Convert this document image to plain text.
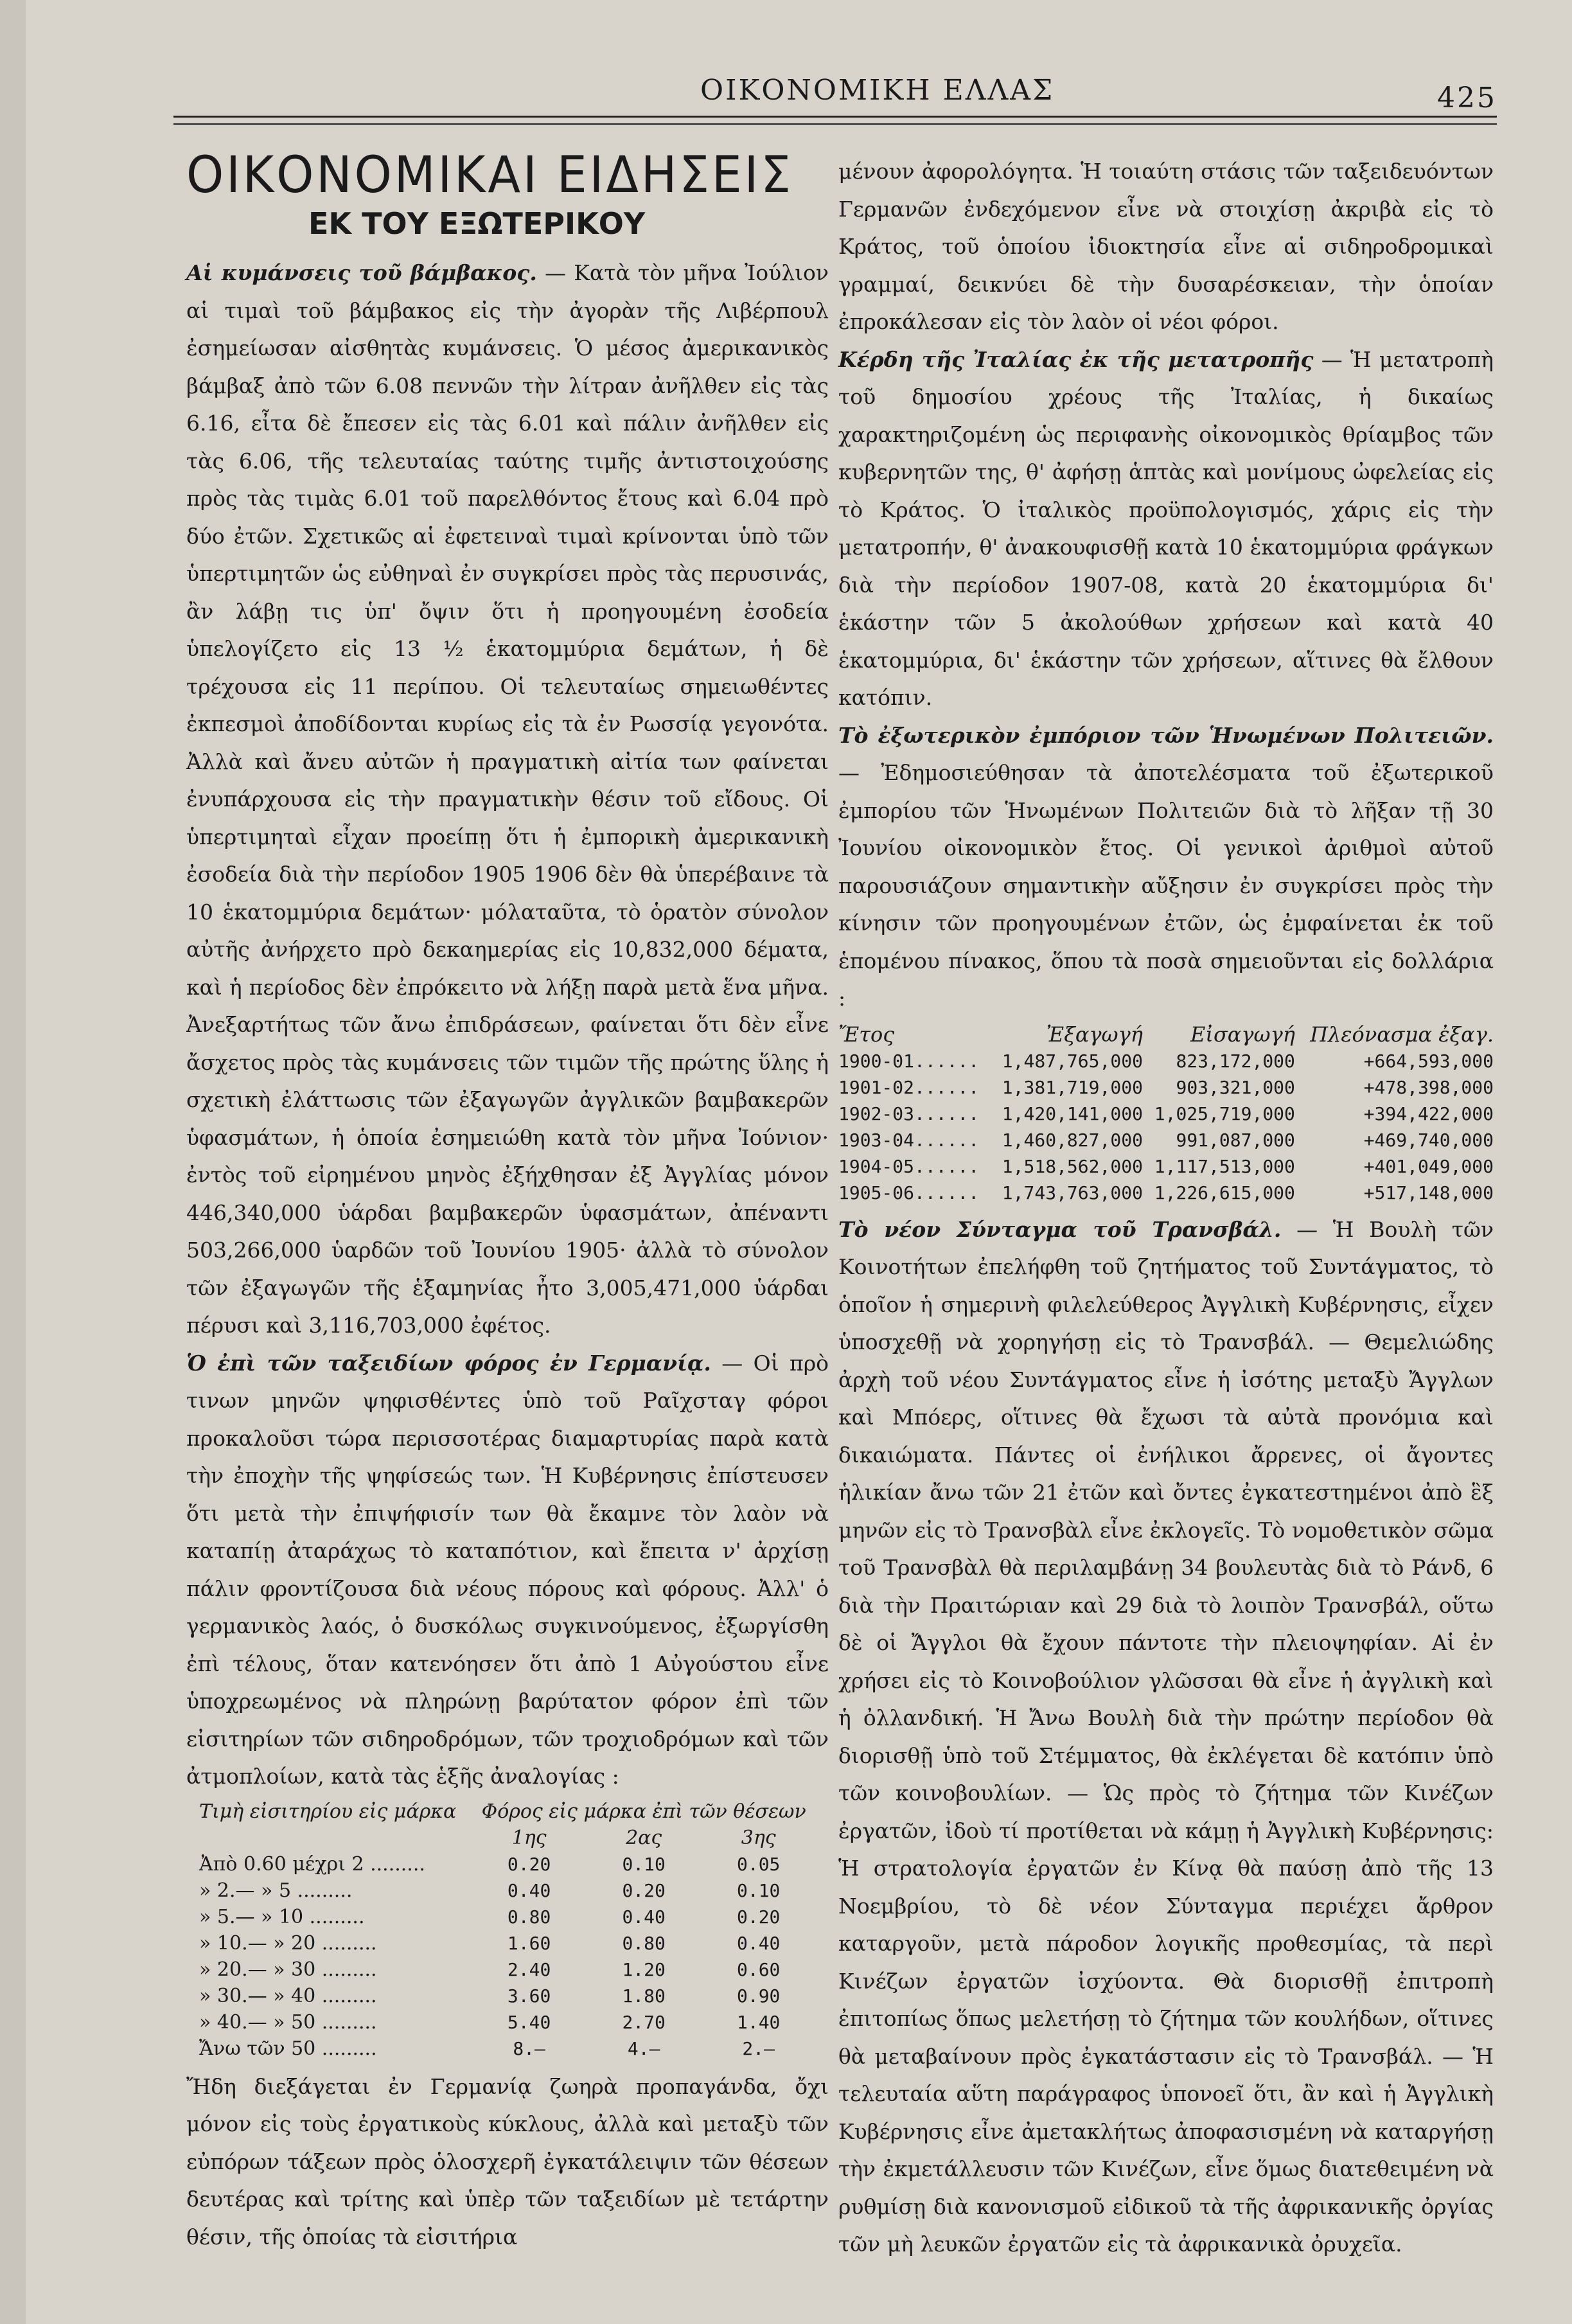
ΟΙΚΟΝΟΜΙΚΗ ΕΛΛΑΣ	425
ΟΙΚΟΝΟΜΙΚΑΙ ΕΙΔΗΣΕΙΣ
ΕΚ ΤΟΥ ΕΞΩΤΕΡΙΚΟΥ

Αἱ κυμάνσεις τοῦ βάμβακος. — Κατὰ τὸν μῆνα Ἰούλιον αἱ τιμαὶ τοῦ βάμβακος εἰς τὴν ἀγορὰν τῆς Λιβέρπουλ ἐσημείωσαν αἰσθητὰς κυμάνσεις. Ὁ μέσος ἀμερικανικὸς βάμβαξ ἀπὸ τῶν 6.08 πεννῶν τὴν λίτραν ἀνῆλθεν εἰς τὰς 6.16, εἶτα δὲ ἔπεσεν εἰς τὰς 6.01 καὶ πάλιν ἀνῆλθεν εἰς τὰς 6.06, τῆς τελευταίας ταύτης τιμῆς ἀντιστοιχούσης πρὸς τὰς τιμὰς 6.01 τοῦ παρελθόντος ἔτους καὶ 6.04 πρὸ δύο ἐτῶν. Σχετικῶς αἱ ἐφετειναὶ τιμαὶ κρίνονται ὑπὸ τῶν ὑπερτιμητῶν ὡς εὐθηναὶ ἐν συγκρίσει πρὸς τὰς περυσινάς, ἂν λάβῃ τις ὑπ' ὄψιν ὅτι ἡ προηγουμένη ἐσοδεία ὑπελογίζετο εἰς 13 ½ ἑκατομμύρια δεμάτων, ἡ δὲ τρέχουσα εἰς 11 περίπου. Οἱ τελευταίως σημειωθέντες ἐκπεσμοὶ ἀποδίδονται κυρίως εἰς τὰ ἐν Ρωσσίᾳ γεγονότα. Ἀλλὰ καὶ ἄνευ αὐτῶν ἡ πραγματικὴ αἰτία των φαίνεται ἐνυπάρχουσα εἰς τὴν πραγματικὴν θέσιν τοῦ εἴδους. Οἱ ὑπερτιμηταὶ εἶχαν προείπῃ ὅτι ἡ ἐμπορικὴ ἀμερικανικὴ ἐσοδεία διὰ τὴν περίοδον 1905 1906 δὲν θὰ ὑπερέβαινε τὰ 10 ἑκατομμύρια δεμάτων· μόλαταῦτα, τὸ ὁρατὸν σύνολον αὐτῆς ἀνήρχετο πρὸ δεκαημερίας εἰς 10,832,000 δέματα, καὶ ἡ περίοδος δὲν ἐπρόκειτο νὰ λήξῃ παρὰ μετὰ ἕνα μῆνα. Ἀνεξαρτήτως τῶν ἄνω ἐπιδράσεων, φαίνεται ὅτι δὲν εἶνε ἄσχετος πρὸς τὰς κυμάνσεις τῶν τιμῶν τῆς πρώτης ὕλης ἡ σχετικὴ ἐλάττωσις τῶν ἐξαγωγῶν ἀγγλικῶν βαμβακερῶν ὑφασμάτων, ἡ ὁποία ἐσημειώθη κατὰ τὸν μῆνα Ἰούνιον· ἐντὸς τοῦ εἰρημένου μηνὸς ἐξήχθησαν ἐξ Ἀγγλίας μόνον 446,340,000 ὑάρδαι βαμβακερῶν ὑφασμάτων, ἀπέναντι 503,266,000 ὑαρδῶν τοῦ Ἰουνίου 1905· ἀλλὰ τὸ σύνολον τῶν ἐξαγωγῶν τῆς ἑξαμηνίας ἦτο 3,005,471,000 ὑάρδαι πέρυσι καὶ 3,116,703,000 ἐφέτος.

Ὁ ἐπὶ τῶν ταξειδίων φόρος ἐν Γερμανίᾳ. — Οἱ πρὸ τινων μηνῶν ψηφισθέντες ὑπὸ τοῦ Ραῖχσταγ φόροι προκαλοῦσι τώρα περισσοτέρας διαμαρτυρίας παρὰ κατὰ τὴν ἐποχὴν τῆς ψηφίσεώς των. Ἡ Κυβέρνησις ἐπίστευσεν ὅτι μετὰ τὴν ἐπιψήφισίν των θὰ ἔκαμνε τὸν λαὸν νὰ καταπίῃ ἀταράχως τὸ καταπότιον, καὶ ἔπειτα ν' ἀρχίσῃ πάλιν φροντίζουσα διὰ νέους πόρους καὶ φόρους. Ἀλλ' ὁ γερμανικὸς λαός, ὁ δυσκόλως συγκινούμενος, ἐξωργίσθη ἐπὶ τέλους, ὅταν κατενόησεν ὅτι ἀπὸ 1 Αὐγούστου εἶνε ὑποχρεωμένος νὰ πληρώνῃ βαρύτατον φόρον ἐπὶ τῶν εἰσιτηρίων τῶν σιδηροδρόμων, τῶν τροχιοδρόμων καὶ τῶν ἀτμοπλοίων, κατὰ τὰς ἑξῆς ἀναλογίας :

Τιμὴ εἰσιτηρίου εἰς μάρκα	Φόρος εἰς μάρκα ἐπὶ τῶν θέσεων		
	1ης	2ας	3ης
Ἀπὸ 0.60 μέχρι 2 .........	0.20	0.10	0.05
» 2.— » 5 .........	0.40	0.20	0.10
» 5.— » 10 .........	0.80	0.40	0.20
» 10.— » 20 .........	1.60	0.80	0.40
» 20.— » 30 .........	2.40	1.20	0.60
» 30.— » 40 .........	3.60	1.80	0.90
» 40.— » 50 .........	5.40	2.70	1.40
Ἄνω τῶν 50 .........	8.—	4.—	2.—

Ἤδη διεξάγεται ἐν Γερμανίᾳ ζωηρὰ προπαγάνδα, ὄχι μόνον εἰς τοὺς ἐργατικοὺς κύκλους, ἀλλὰ καὶ μεταξὺ τῶν εὐπόρων τάξεων πρὸς ὁλοσχερῆ ἐγκατάλειψιν τῶν θέσεων δευτέρας καὶ τρίτης καὶ ὑπὲρ τῶν ταξειδίων μὲ τετάρτην θέσιν, τῆς ὁποίας τὰ εἰσιτήρια

μένουν ἀφορολόγητα. Ἡ τοιαύτη στάσις τῶν ταξειδευόντων Γερμανῶν ἐνδεχόμενον εἶνε νὰ στοιχίσῃ ἀκριβὰ εἰς τὸ Κράτος, τοῦ ὁποίου ἰδιοκτησία εἶνε αἱ σιδηροδρομικαὶ γραμμαί, δεικνύει δὲ τὴν δυσαρέσκειαν, τὴν ὁποίαν ἐπροκάλεσαν εἰς τὸν λαὸν οἱ νέοι φόροι.

Κέρδη τῆς Ἰταλίας ἐκ τῆς μετατροπῆς — Ἡ μετατροπὴ τοῦ δημοσίου χρέους τῆς Ἰταλίας, ἡ δικαίως χαρακτηριζομένη ὡς περιφανὴς οἰκονομικὸς θρίαμβος τῶν κυβερνητῶν της, θ' ἀφήσῃ ἁπτὰς καὶ μονίμους ὠφελείας εἰς τὸ Κράτος. Ὁ ἰταλικὸς προϋπολογισμός, χάρις εἰς τὴν μετατροπήν, θ' ἀνακουφισθῇ κατὰ 10 ἑκατομμύρια φράγκων διὰ τὴν περίοδον 1907-08, κατὰ 20 ἑκατομμύρια δι' ἑκάστην τῶν 5 ἀκολούθων χρήσεων καὶ κατὰ 40 ἑκατομμύρια, δι' ἑκάστην τῶν χρήσεων, αἵτινες θὰ ἔλθουν κατόπιν.

Τὸ ἐξωτερικὸν ἐμπόριον τῶν Ἡνωμένων Πολιτειῶν. — Ἐδημοσιεύθησαν τὰ ἀποτελέσματα τοῦ ἐξωτερικοῦ ἐμπορίου τῶν Ἡνωμένων Πολιτειῶν διὰ τὸ λῆξαν τῇ 30 Ἰουνίου οἰκονομικὸν ἔτος. Οἱ γενικοὶ ἀριθμοὶ αὐτοῦ παρουσιάζουν σημαντικὴν αὔξησιν ἐν συγκρίσει πρὸς τὴν κίνησιν τῶν προηγουμένων ἐτῶν, ὡς ἐμφαίνεται ἐκ τοῦ ἑπομένου πίνακος, ὅπου τὰ ποσὰ σημειοῦνται εἰς δολλάρια :

Ἔτος	Ἐξαγωγή	Εἰσαγωγή	Πλεόνασμα ἐξαγ.
1900-01......	1,487,765,000	823,172,000	+664,593,000
1901-02......	1,381,719,000	903,321,000	+478,398,000
1902-03......	1,420,141,000	1,025,719,000	+394,422,000
1903-04......	1,460,827,000	991,087,000	+469,740,000
1904-05......	1,518,562,000	1,117,513,000	+401,049,000
1905-06......	1,743,763,000	1,226,615,000	+517,148,000

Τὸ νέον Σύνταγμα τοῦ Τρανσβάλ. — Ἡ Βουλὴ τῶν Κοινοτήτων ἐπελήφθη τοῦ ζητήματος τοῦ Συντάγματος, τὸ ὁποῖον ἡ σημερινὴ φιλελεύθερος Ἀγγλικὴ Κυβέρνησις, εἶχεν ὑποσχεθῇ νὰ χορηγήσῃ εἰς τὸ Τρανσβάλ. — Θεμελιώδης ἀρχὴ τοῦ νέου Συντάγματος εἶνε ἡ ἰσότης μεταξὺ Ἄγγλων καὶ Μπόερς, οἵτινες θὰ ἔχωσι τὰ αὐτὰ προνόμια καὶ δικαιώματα. Πάντες οἱ ἐνήλικοι ἄρρενες, οἱ ἄγοντες ἡλικίαν ἄνω τῶν 21 ἐτῶν καὶ ὄντες ἐγκατεστημένοι ἀπὸ ἓξ μηνῶν εἰς τὸ Τρανσβὰλ εἶνε ἐκλογεῖς. Τὸ νομοθετικὸν σῶμα τοῦ Τρανσβὰλ θὰ περιλαμβάνῃ 34 βουλευτὰς διὰ τὸ Ράνδ, 6 διὰ τὴν Πραιτώριαν καὶ 29 διὰ τὸ λοιπὸν Τρανσβάλ, οὕτω δὲ οἱ Ἄγγλοι θὰ ἔχουν πάντοτε τὴν πλειοψηφίαν. Αἱ ἐν χρήσει εἰς τὸ Κοινοβούλιον γλῶσσαι θὰ εἶνε ἡ ἀγγλικὴ καὶ ἡ ὀλλανδική. Ἡ Ἄνω Βουλὴ διὰ τὴν πρώτην περίοδον θὰ διορισθῇ ὑπὸ τοῦ Στέμματος, θὰ ἐκλέγεται δὲ κατόπιν ὑπὸ τῶν κοινοβουλίων. — Ὡς πρὸς τὸ ζήτημα τῶν Κινέζων ἐργατῶν, ἰδοὺ τί προτίθεται νὰ κάμῃ ἡ Ἀγγλικὴ Κυβέρνησις: Ἡ στρατολογία ἐργατῶν ἐν Κίνᾳ θὰ παύσῃ ἀπὸ τῆς 13 Νοεμβρίου, τὸ δὲ νέον Σύνταγμα περιέχει ἄρθρον καταργοῦν, μετὰ πάροδον λογικῆς προθεσμίας, τὰ περὶ Κινέζων ἐργατῶν ἰσχύοντα. Θὰ διορισθῇ ἐπιτροπὴ ἐπιτοπίως ὅπως μελετήσῃ τὸ ζήτημα τῶν κουλήδων, οἵτινες θὰ μεταβαίνουν πρὸς ἐγκατάστασιν εἰς τὸ Τρανσβάλ. — Ἡ τελευταία αὕτη παράγραφος ὑπονοεῖ ὅτι, ἂν καὶ ἡ Ἀγγλικὴ Κυβέρνησις εἶνε ἀμετακλήτως ἀποφασισμένη νὰ καταργήσῃ τὴν ἐκμετάλλευσιν τῶν Κινέζων, εἶνε ὅμως διατεθειμένη νὰ ρυθμίσῃ διὰ κανονισμοῦ εἰδικοῦ τὰ τῆς ἀφρικανικῆς ὀργίας τῶν μὴ λευκῶν ἐργατῶν εἰς τὰ ἀφρικανικὰ ὀρυχεῖα.
